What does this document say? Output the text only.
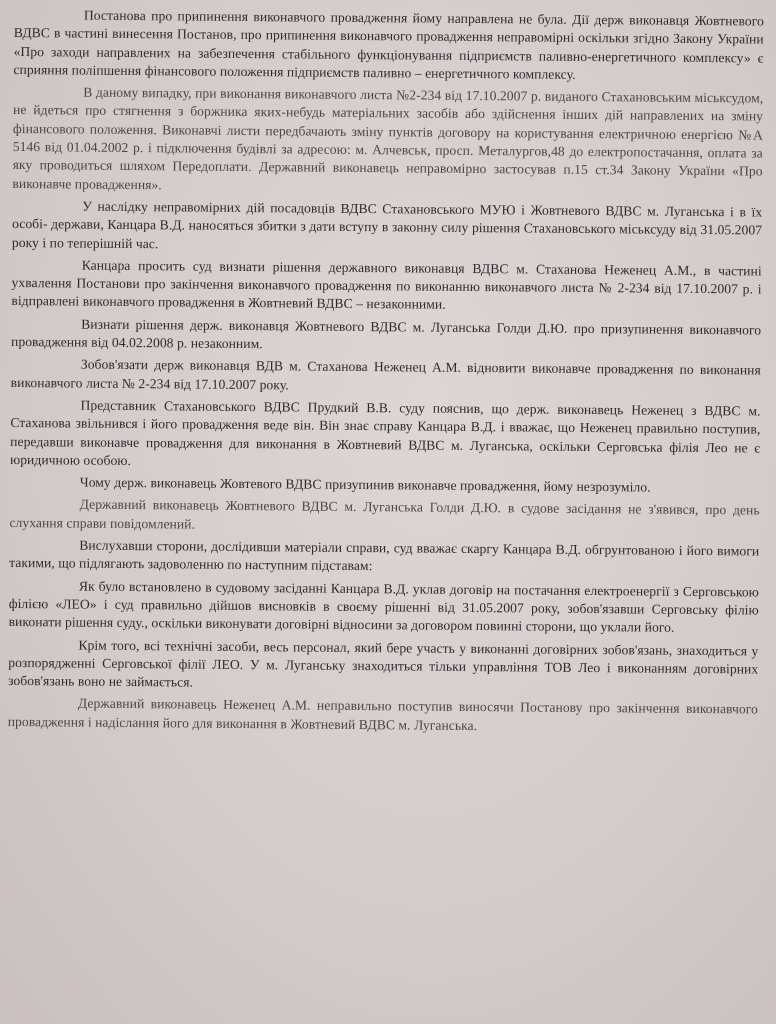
Постанова про припинення виконавчого провадження йому направлена не була. Дії держ виконавця Жовтневого ВДВС в частині винесення Постанов, про припинення виконавчого провадження неправомірні оскільки згідно Закону України «Про заходи направлених на забезпечення стабільного функціонування підприємств паливно-енергетичного комплексу» є сприяння поліпшення фінансового положення підприємств паливно – енергетичного комплексу.

В даному випадку, при виконання виконавчого листа №2-234 від 17.10.2007 р. виданого Стахановським міськсудом, не йдеться про стягнення з боржника яких-небудь матеріальних засобів або здійснення інших дій направлених на зміну фінансового положення. Виконавчі листи передбачають зміну пунктів договору на користування електричною енергією №А 5146 від 01.04.2002 р. і підключення будівлі за адресою: м. Алчевськ, просп. Металургов,48 до електропостачання, оплата за яку проводиться шляхом Передоплати. Державний виконавець неправомірно застосував п.15 ст.34 Закону України «Про виконавче провадження».

У наслідку неправомірних дій посадовців ВДВС Стахановського МУЮ і Жовтневого ВДВС м. Луганська і в їх особі- держави, Канцара В.Д. наносяться збитки з дати вступу в законну силу рішення Стахановського міськсуду від 31.05.2007 року і по теперішній час.

Канцара просить суд визнати рішення державного виконавця ВДВС м. Стаханова Неженец А.М., в частині ухвалення Постанови про закінчення виконавчого провадження по виконанню виконавчого листа № 2-234 від 17.10.2007 р. і відправлені виконавчого провадження в Жовтневий ВДВС – незаконними.

Визнати рішення держ. виконавця Жовтневого ВДВС м. Луганська Голди Д.Ю. про призупинення виконавчого провадження від 04.02.2008 р. незаконним.

Зобов'язати держ виконавця ВДВ м. Стаханова Неженец А.М. відновити виконавче провадження по виконання виконавчого листа № 2-234 від 17.10.2007 року.

Представник Стахановського ВДВС Прудкий В.В. суду пояснив, що держ. виконавець Неженец з ВДВС м. Стаханова звільнився і його провадження веде він. Він знає справу Канцара В.Д. і вважає, що Неженец правильно поступив, передавши виконавче провадження для виконання в Жовтневий ВДВС м. Луганська, оскільки Серговська філія Лео не є юридичною особою.

Чому держ. виконавець Жовтевого ВДВС призупинив виконавче провадження, йому незрозуміло.

Державний виконавець Жовтневого ВДВС м. Луганська Голди Д.Ю. в судове засідання не з'явився, про день слухання справи повідомлений.

Вислухавши сторони, дослідивши матеріали справи, суд вважає скаргу Канцара В.Д. обгрунтованою і його вимоги такими, що підлягають задоволенню по наступним підставам:

Як було встановлено в судовому засіданні Канцара В.Д. уклав договір на постачання електроенергії з Серговською філією «ЛЕО» і суд правильно дійшов висновків в своєму рішенні від 31.05.2007 року, зобов'язавши Серговську філію виконати рішення суду., оскільки виконувати договірні відносини за договором повинні сторони, що уклали його.

Крім того, всі технічні засоби, весь персонал, який бере участь у виконанні договірних зобов'язань, знаходиться у розпорядженні Серговської філії ЛЕО. У м. Луганську знаходиться тільки управління ТОВ Лео і виконанням договірних зобов'язань воно не займається.

Державний виконавець Неженец А.М. неправильно поступив виносячи Постанову про закінчення виконавчого провадження і надіслання його для виконання в Жовтневий ВДВС м. Луганська.
